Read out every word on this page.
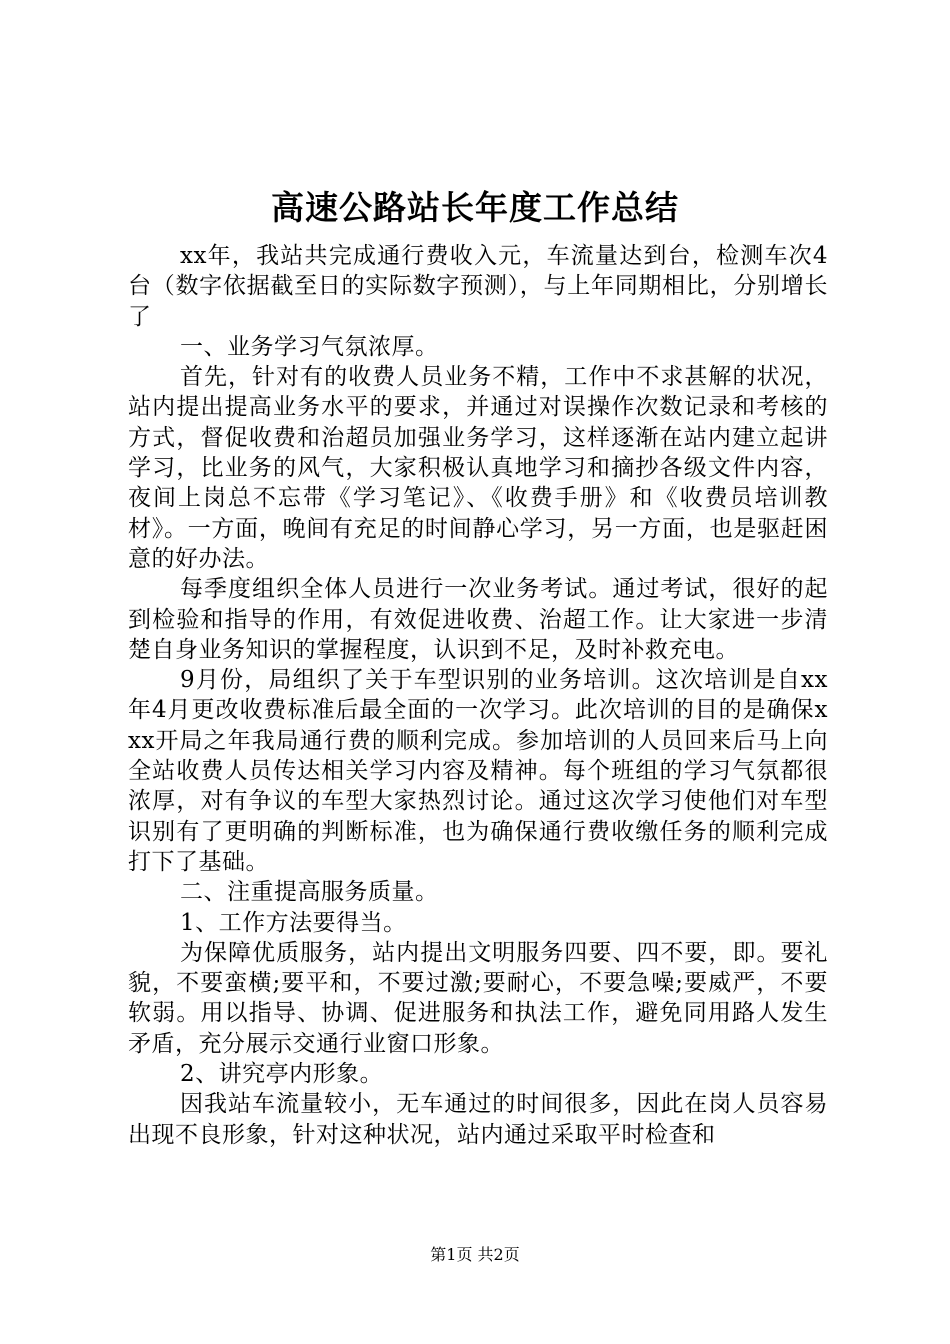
高速公路站长年度工作总结

xx年，我站共完成通行费收入元，车流量达到台，检测车次4台（数字依据截至日的实际数字预测），与上年同期相比，分别增长了

一、业务学习气氛浓厚。

首先，针对有的收费人员业务不精，工作中不求甚解的状况，站内提出提高业务水平的要求，并通过对误操作次数记录和考核的方式，督促收费和治超员加强业务学习，这样逐渐在站内建立起讲学习，比业务的风气，大家积极认真地学习和摘抄各级文件内容，夜间上岗总不忘带《学习笔记》、《收费手册》和《收费员培训教材》。一方面，晚间有充足的时间静心学习，另一方面，也是驱赶困意的好办法。

每季度组织全体人员进行一次业务考试。通过考试，很好的起到检验和指导的作用，有效促进收费、治超工作。让大家进一步清楚自身业务知识的掌握程度，认识到不足，及时补救充电。

9月份，局组织了关于车型识别的业务培训。这次培训是自xx年4月更改收费标准后最全面的一次学习。此次培训的目的是确保xxx开局之年我局通行费的顺利完成。参加培训的人员回来后马上向全站收费人员传达相关学习内容及精神。每个班组的学习气氛都很浓厚，对有争议的车型大家热烈讨论。通过这次学习使他们对车型识别有了更明确的判断标准，也为确保通行费收缴任务的顺利完成打下了基础。

二、注重提高服务质量。

1、工作方法要得当。

为保障优质服务，站内提出文明服务四要、四不要，即。要礼貌，不要蛮横;要平和，不要过激;要耐心，不要急噪;要威严，不要软弱。用以指导、协调、促进服务和执法工作，避免同用路人发生矛盾，充分展示交通行业窗口形象。

2、讲究亭内形象。

因我站车流量较小，无车通过的时间很多，因此在岗人员容易出现不良形象，针对这种状况，站内通过采取平时检查和

第1页 共2页
